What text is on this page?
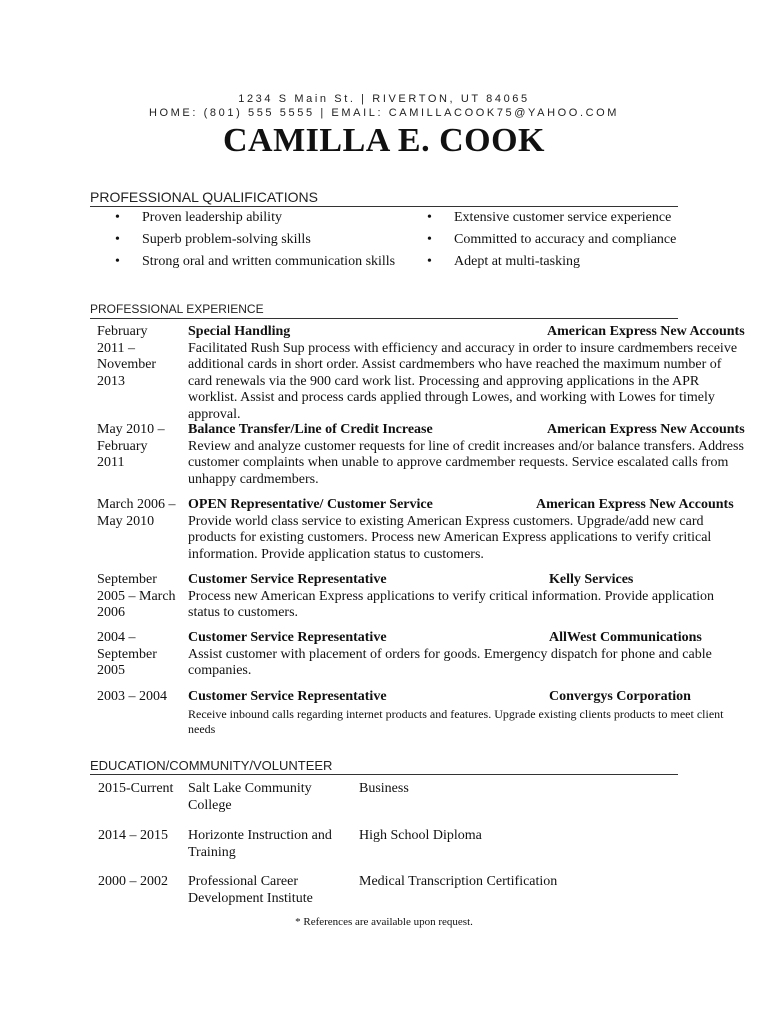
1234 S Main St. | RIVERTON, UT 84065
HOME: (801) 555 5555 | EMAIL: CAMILLACOOK75@YAHOO.COM
CAMILLA E. COOK
PROFESSIONAL QUALIFICATIONS
• Proven leadership ability
• Superb problem-solving skills
• Strong oral and written communication skills
• Extensive customer service experience
• Committed to accuracy and compliance
• Adept at multi-tasking
PROFESSIONAL EXPERIENCE
February 2011 – November 2013
Special Handling	American Express New Accounts
Facilitated Rush Sup process with efficiency and accuracy in order to insure cardmembers receive additional cards in short order. Assist cardmembers who have reached the maximum number of card renewals via the 900 card work list. Processing and approving applications in the APR worklist. Assist and process cards applied through Lowes, and working with Lowes for timely approval.
May 2010 – February 2011
Balance Transfer/Line of Credit Increase	American Express New Accounts
Review and analyze customer requests for line of credit increases and/or balance transfers. Address customer complaints when unable to approve cardmember requests. Service escalated calls from unhappy cardmembers.
March 2006 – May 2010
OPEN Representative/ Customer Service	American Express New Accounts
Provide world class service to existing American Express customers. Upgrade/add new card products for existing customers. Process new American Express applications to verify critical information. Provide application status to customers.
September 2005 – March 2006
Customer Service Representative	Kelly Services
Process new American Express applications to verify critical information. Provide application status to customers.
2004 – September 2005
Customer Service Representative	AllWest Communications
Assist customer with placement of orders for goods. Emergency dispatch for phone and cable companies.
2003 – 2004	Customer Service Representative	Convergys Corporation
Receive inbound calls regarding internet products and features. Upgrade existing clients products to meet client needs
EDUCATION/COMMUNITY/VOLUNTEER
2015-Current Salt Lake Community College
Business
2014 – 2015 Horizonte Instruction and Training
High School Diploma
2000 – 2002 Professional Career Development Institute
Medical Transcription Certification
* References are available upon request.
